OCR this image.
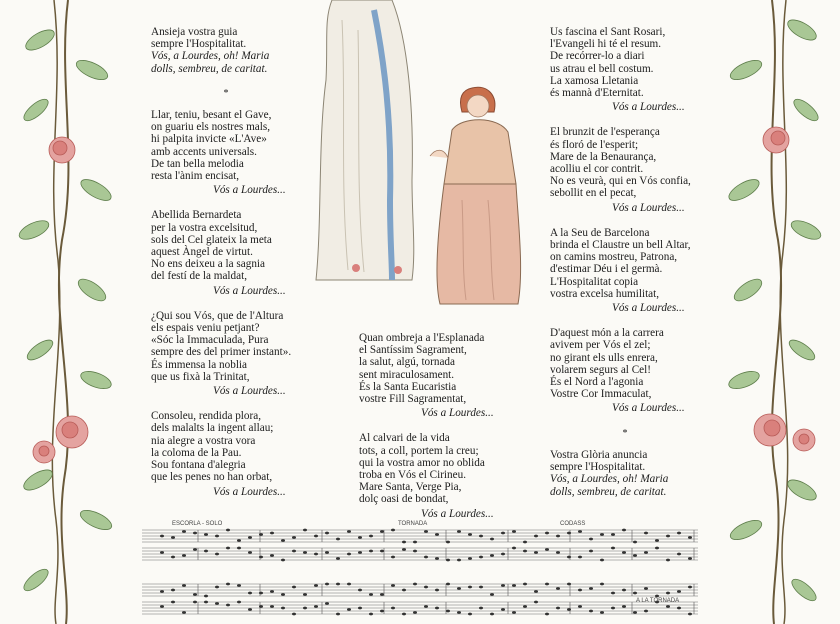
Ansieja vostra guia
sempre l'Hospitalitat.
Vós, a Lourdes, oh! Maria
dolls, sembreu, de caritat.
*
Llar, teniu, besant el Gave,
on guariu els nostres mals,
hi palpita invicte «L'Ave»
amb accents universals.
De tan bella melodia
resta l'ànim encisat,
Vós a Lourdes...
Abellida Bernardeta
per la vostra excelsitud,
sols del Cel glateix la meta
aquest Àngel de virtut.
No ens deixeu a la sagnia
del festí de la maldat,
Vós a Lourdes...
¿Qui sou Vós, que de l'Altura
els espais veniu petjant?
«Sóc la Immaculada, Pura
sempre des del primer instant».
És immensa la noblia
que us fixà la Trinitat,
Vós a Lourdes...
Consoleu, rendida plora,
dels malalts la ingent allau;
nia alegre a vostra vora
la coloma de la Pau.
Sou fontana d'alegria
que les penes no han orbat,
Vós a Lourdes...
Quan ombreja a l'Esplanada
el Santíssim Sagrament,
la salut, algú, tornada
sent miraculosament.
És la Santa Eucaristia
vostre Fill Sagramentat,
Vós a Lourdes...
Al calvari de la vida
tots, a coll, portem la creu;
qui la vostra amor no oblida
troba en Vós el Cirineu.
Mare Santa, Verge Pia,
dolç oasi de bondat,
Vós a Lourdes...
Us fascina el Sant Rosari,
l'Evangeli hi té el resum.
De recórrer-lo a diari
us atrau el bell costum.
La xamosa Lletania
és mannà d'Eternitat.
Vós a Lourdes...
El brunzit de l'esperança
és floró de l'esperit;
Mare de la Benaurança,
acolliu el cor contrit.
No es veurà, qui en Vós confia,
sebollit en el pecat,
Vós a Lourdes...
A la Seu de Barcelona
brinda el Claustre un bell Altar,
on camins mostreu, Patrona,
d'estimar Déu i el germà.
L'Hospitalitat copia
vostra excelsa humilitat,
Vós a Lourdes...
D'aquest món a la carrera
avivem per Vós el zel;
no girant els ulls enrera,
volarem segurs al Cel!
És el Nord a l'agonia
Vostre Cor Immaculat,
Vós a Lourdes...
*
Vostra Glòria anuncia
sempre l'Hospitalitat.
Vós, a Lourdes, oh! Maria
dolls, sembreu, de caritat.
ESCORLA - SOLO	TORNADA	CODASS
A LA TORNADA
